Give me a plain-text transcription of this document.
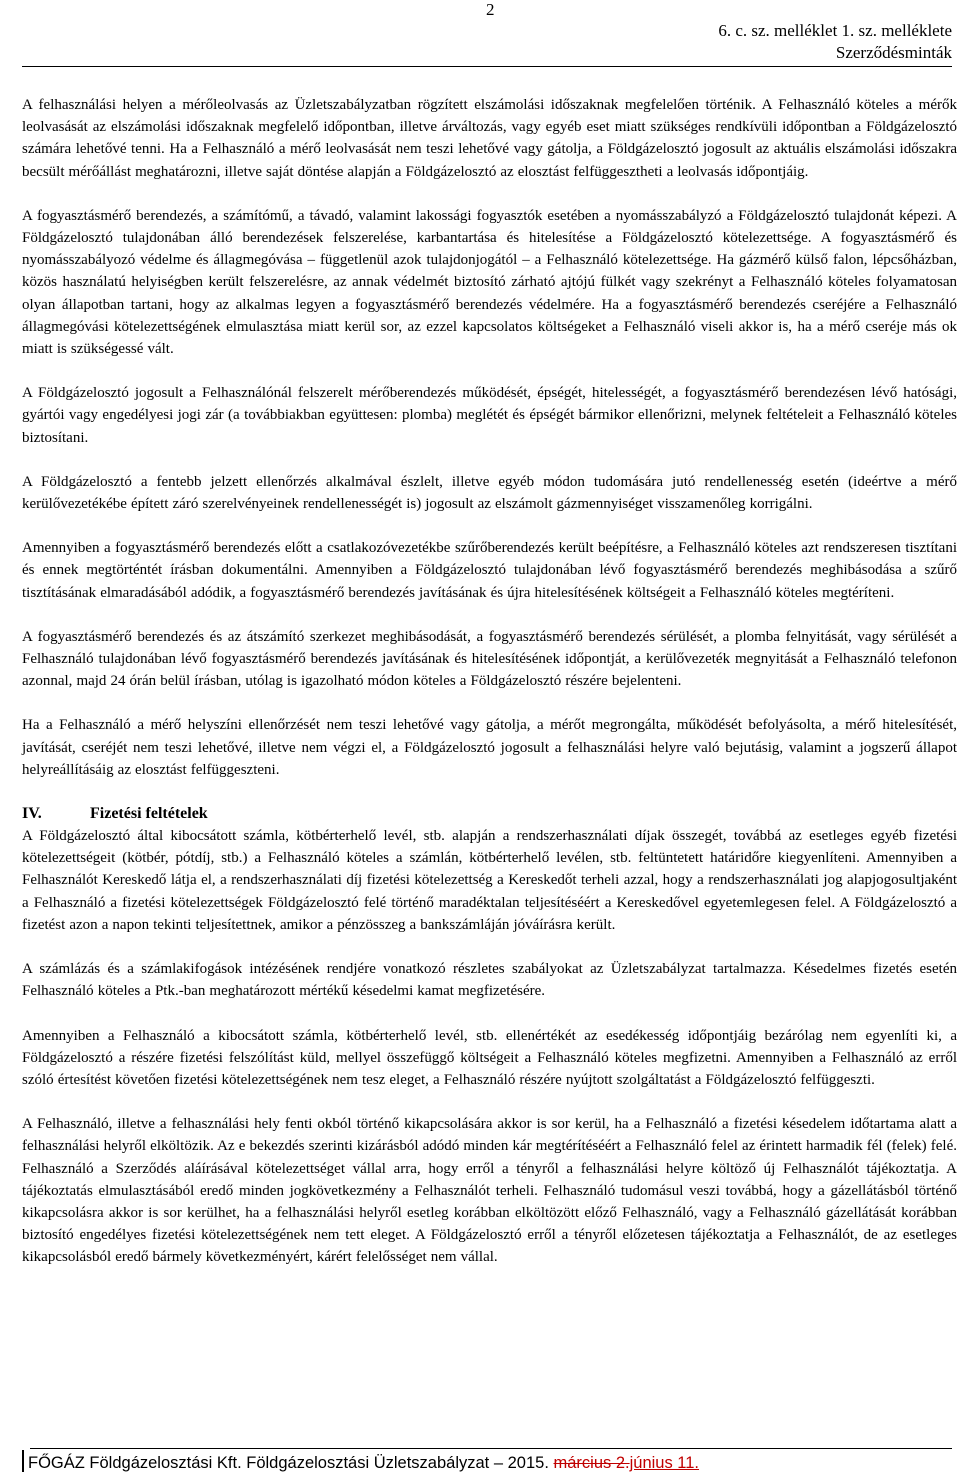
2
6. c. sz. melléklet 1. sz. melléklete
Szerződésminták

A felhasználási helyen a mérőleolvasás az Üzletszabályzatban rögzített elszámolási időszaknak megfelelően történik. A Felhasználó köteles a mérők leolvasását az elszámolási időszaknak megfelelő időpontban, illetve árváltozás, vagy egyéb eset miatt szükséges rendkívüli időpontban a Földgázelosztó számára lehetővé tenni. Ha a Felhasználó a mérő leolvasását nem teszi lehetővé vagy gátolja, a Földgázelosztó jogosult az aktuális elszámolási időszakra becsült mérőállást meghatározni, illetve saját döntése alapján a Földgázelosztó az elosztást felfüggesztheti a leolvasás időpontjáig.

A fogyasztásmérő berendezés, a számítómű, a távadó, valamint lakossági fogyasztók esetében a nyomásszabályzó a Földgázelosztó tulajdonát képezi. A Földgázelosztó tulajdonában álló berendezések felszerelése, karbantartása és hitelesítése a Földgázelosztó kötelezettsége. A fogyasztásmérő és nyomásszabályozó védelme és állagmegóvása – függetlenül azok tulajdonjogától – a Felhasználó kötelezettsége. Ha gázmérő külső falon, lépcsőházban, közös használatú helyiségben került felszerelésre, az annak védelmét biztosító zárható ajtójú fülkét vagy szekrényt a Felhasználó köteles folyamatosan olyan állapotban tartani, hogy az alkalmas legyen a fogyasztásmérő berendezés védelmére. Ha a fogyasztásmérő berendezés cseréjére a Felhasználó állagmegóvási kötelezettségének elmulasztása miatt kerül sor, az ezzel kapcsolatos költségeket a Felhasználó viseli akkor is, ha a mérő cseréje más ok miatt is szükségessé vált.

A Földgázelosztó jogosult a Felhasználónál felszerelt mérőberendezés működését, épségét, hitelességét, a fogyasztásmérő berendezésen lévő hatósági, gyártói vagy engedélyesi jogi zár (a továbbiakban együttesen: plomba) meglétét és épségét bármikor ellenőrizni, melynek feltételeit a Felhasználó köteles biztosítani.

A Földgázelosztó a fentebb jelzett ellenőrzés alkalmával észlelt, illetve egyéb módon tudomására jutó rendellenesség esetén (ideértve a mérő kerülővezetékébe épített záró szerelvényeinek rendellenességét is) jogosult az elszámolt gázmennyiséget visszamenőleg korrigálni.

Amennyiben a fogyasztásmérő berendezés előtt a csatlakozóvezetékbe szűrőberendezés került beépítésre, a Felhasználó köteles azt rendszeresen tisztítani és ennek megtörténtét írásban dokumentálni. Amennyiben a Földgázelosztó tulajdonában lévő fogyasztásmérő berendezés meghibásodása a szűrő tisztításának elmaradásából adódik, a fogyasztásmérő berendezés javításának és újra hitelesítésének költségeit a Felhasználó köteles megtéríteni.

A fogyasztásmérő berendezés és az átszámító szerkezet meghibásodását, a fogyasztásmérő berendezés sérülését, a plomba felnyitását, vagy sérülését a Felhasználó tulajdonában lévő fogyasztásmérő berendezés javításának és hitelesítésének időpontját, a kerülővezeték megnyitását a Felhasználó telefonon azonnal, majd 24 órán belül írásban, utólag is igazolható módon köteles a Földgázelosztó részére bejelenteni.

Ha a Felhasználó a mérő helyszíni ellenőrzését nem teszi lehetővé vagy gátolja, a mérőt megrongálta, működését befolyásolta, a mérő hitelesítését, javítását, cseréjét nem teszi lehetővé, illetve nem végzi el, a Földgázelosztó jogosult a felhasználási helyre való bejutásig, valamint a jogszerű állapot helyreállításáig az elosztást felfüggeszteni.

IV.	Fizetési feltételek

A Földgázelosztó által kibocsátott számla, kötbérterhelő levél, stb. alapján a rendszerhasználati díjak összegét, továbbá az esetleges egyéb fizetési kötelezettségeit (kötbér, pótdíj, stb.) a Felhasználó köteles a számlán, kötbérterhelő levélen, stb. feltüntetett határidőre kiegyenlíteni. Amennyiben a Felhasználót Kereskedő látja el, a rendszerhasználati díj fizetési kötelezettség a Kereskedőt terheli azzal, hogy a rendszerhasználati jog alapjogosultjaként a Felhasználó a fizetési kötelezettségek Földgázelosztó felé történő maradéktalan teljesítéséért a Kereskedővel egyetemlegesen felel. A Földgázelosztó a fizetést azon a napon tekinti teljesítettnek, amikor a pénzösszeg a bankszámláján jóváírásra került.

A számlázás és a számlakifogások intézésének rendjére vonatkozó részletes szabályokat az Üzletszabályzat tartalmazza. Késedelmes fizetés esetén Felhasználó köteles a Ptk.-ban meghatározott mértékű késedelmi kamat megfizetésére.

Amennyiben a Felhasználó a kibocsátott számla, kötbérterhelő levél, stb. ellenértékét az esedékesség időpontjáig bezárólag nem egyenlíti ki, a Földgázelosztó a részére fizetési felszólítást küld, mellyel összefüggő költségeit a Felhasználó köteles megfizetni. Amennyiben a Felhasználó az erről szóló értesítést követően fizetési kötelezettségének nem tesz eleget, a Felhasználó részére nyújtott szolgáltatást a Földgázelosztó felfüggeszti.

A Felhasználó, illetve a felhasználási hely fenti okból történő kikapcsolására akkor is sor kerül, ha a Felhasználó a fizetési késedelem időtartama alatt a felhasználási helyről elköltözik. Az e bekezdés szerinti kizárásból adódó minden kár megtérítéséért a Felhasználó felel az érintett harmadik fél (felek) felé. Felhasználó a Szerződés aláírásával kötelezettséget vállal arra, hogy erről a tényről a felhasználási helyre költöző új Felhasználót tájékoztatja. A tájékoztatás elmulasztásából eredő minden jogkövetkezmény a Felhasználót terheli. Felhasználó tudomásul veszi továbbá, hogy a gázellátásból történő kikapcsolásra akkor is sor kerülhet, ha a felhasználási helyről esetleg korábban elköltözött előző Felhasználó, vagy a Felhasználó gázellátását korábban biztosító engedélyes fizetési kötelezettségének nem tett eleget. A Földgázelosztó erről a tényről előzetesen tájékoztatja a Felhasználót, de az esetleges kikapcsolásból eredő bármely következményért, kárért felelősséget nem vállal.

FŐGÁZ Földgázelosztási Kft. Földgázelosztási Üzletszabályzat – 2015. március 2.június 11.
